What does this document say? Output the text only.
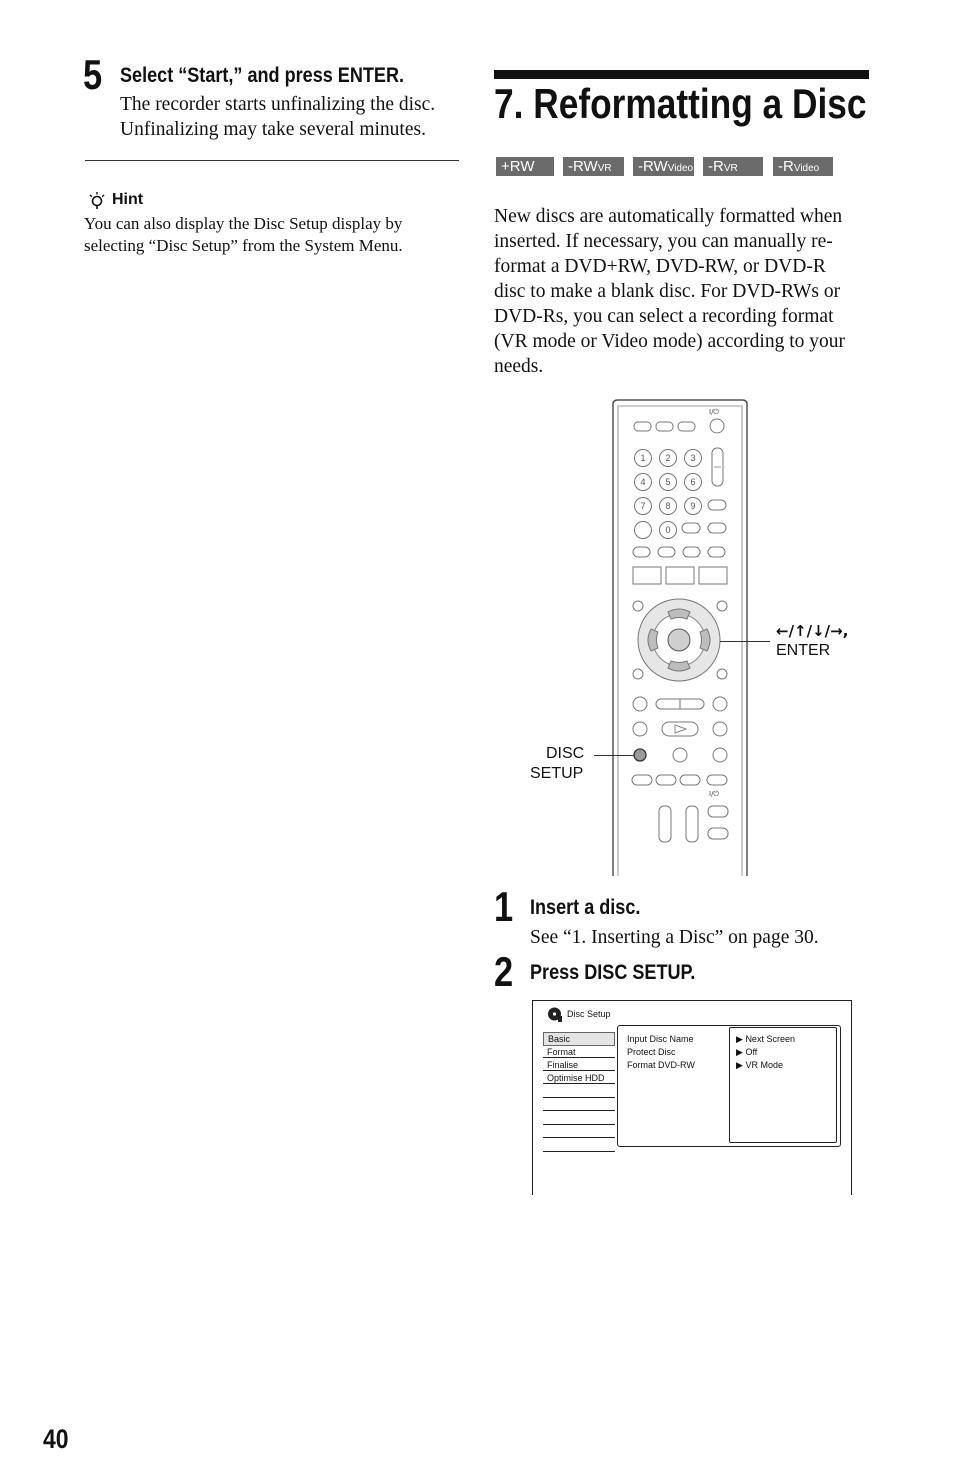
5 Select “Start,” and press ENTER.
The recorder starts unfinalizing the disc.
Unfinalizing may take several minutes.
Hint
You can also display the Disc Setup display by
selecting “Disc Setup” from the System Menu.
7. Reformatting a Disc
+RW	-RWVR	-RWVideo -RVR	-RVideo
New discs are automatically formatted when
inserted. If necessary, you can manually re-
format a DVD+RW, DVD-RW, or DVD-R
disc to make a blank disc. For DVD-RWs or
DVD-Rs, you can select a recording format
(VR mode or Video mode) according to your
needs.
I/⏻
I/⏻
1	2	3
4	5	6
7	8	9
0
←/↑/↓/→,
ENTER
DISC
SETUP
1 Insert a disc.
See “1. Inserting a Disc” on page 30.
2 Press DISC SETUP.
Disc Setup
Basic
Format
Finalise
Optimise HDD
Input Disc Name
Protect Disc
Format DVD-RW
▶ Next Screen
▶ Off
▶ VR Mode
40
